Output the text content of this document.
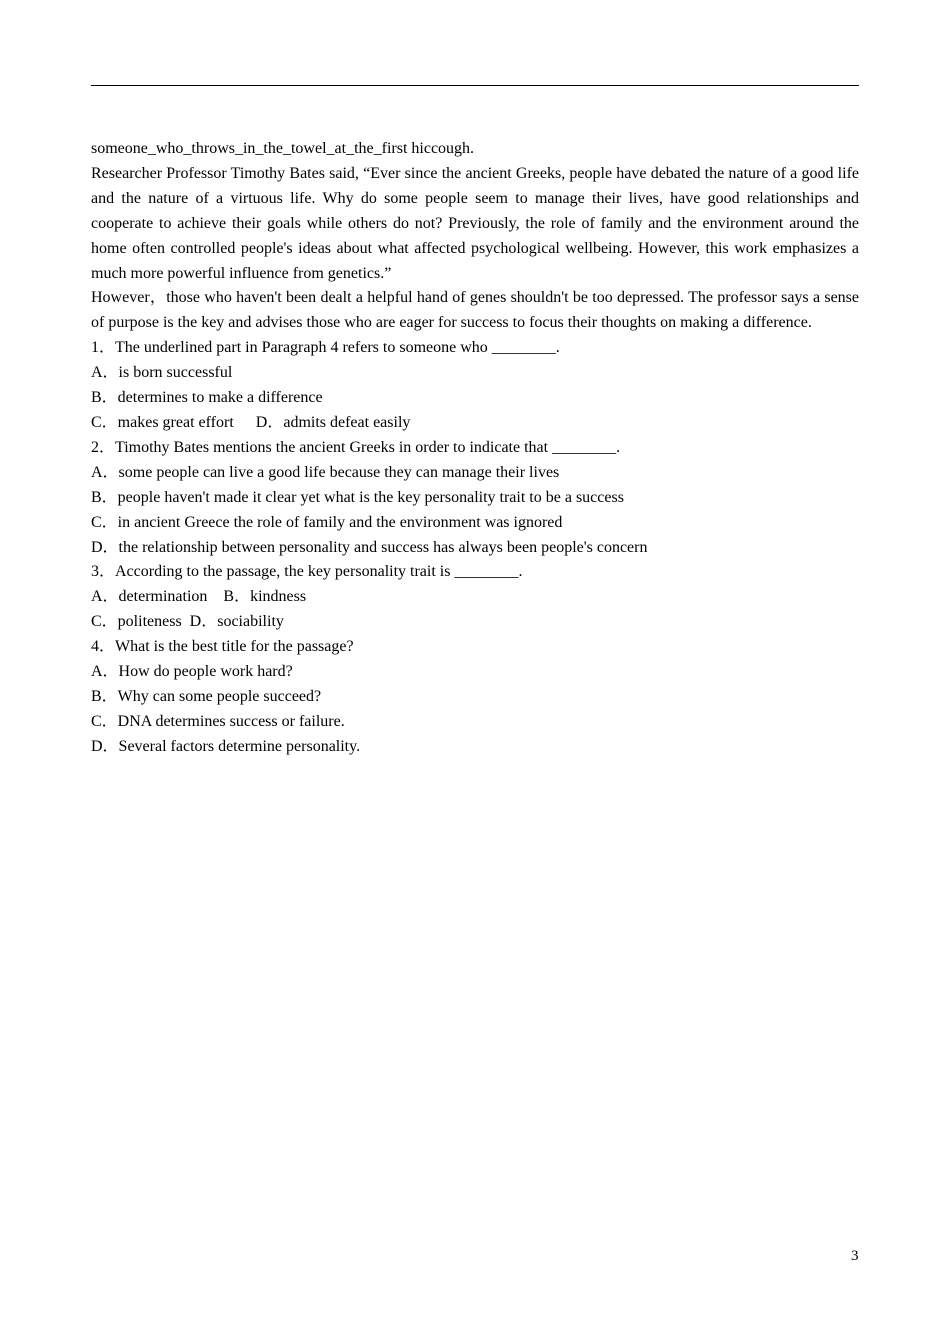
someone_who_throws_in_the_towel_at_the_first hiccough.

Researcher Professor Timothy Bates said, “Ever since the ancient Greeks, people have debated the nature of a good life and the nature of a virtuous life. Why do some people seem to manage their lives, have good relationships and cooperate to achieve their goals while others do not? Previously, the role of family and the environment around the home often controlled people's ideas about what affected psychological wellbeing. However, this work emphasizes a much more powerful influence from genetics.”

However，those who haven't been dealt a helpful hand of genes shouldn't be too depressed. The professor says a sense of purpose is the key and advises those who are eager for success to focus their thoughts on making a difference.

1．The underlined part in Paragraph 4 refers to someone who ________.

A．is born successful

B．determines to make a difference

C．makes great effort D．admits defeat easily

2．Timothy Bates mentions the ancient Greeks in order to indicate that ________.

A．some people can live a good life because they can manage their lives

B．people haven't made it clear yet what is the key personality trait to be a success

C．in ancient Greece the role of family and the environment was ignored

D．the relationship between personality and success has always been people's concern

3．According to the passage, the key personality trait is ________.

A．determination B．kindness

C．politeness D．sociability

4．What is the best title for the passage?

A．How do people work hard?

B．Why can some people succeed?

C．DNA determines success or failure.

D．Several factors determine personality.

3
